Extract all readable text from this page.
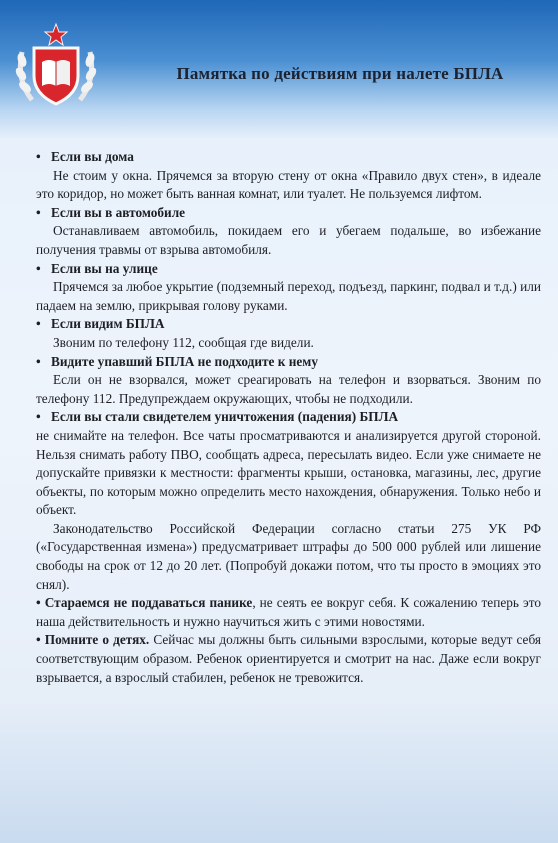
Памятка по действиям при налете БПЛА
• Если вы дома

Не стоим у окна. Прячемся за вторую стену от окна «Правило двух стен», в идеале это коридор, но может быть ванная комнат, или туалет. Не пользуемся лифтом.

• Если вы в автомобиле

Останавливаем автомобиль, покидаем его и убегаем подальше, во избежание получения травмы от взрыва автомобиля.

• Если вы на улице

Прячемся за любое укрытие (подземный переход, подъезд, паркинг, подвал и т.д.) или падаем на землю, прикрывая голову руками.

• Если видим БПЛА

Звоним по телефону 112, сообщая где видели.

• Видите упавший БПЛА не подходите к нему

Если он не взорвался, может среагировать на телефон и взорваться. Звоним по телефону 112. Предупреждаем окружающих, чтобы не подходили.

• Если вы стали свидетелем уничтожения (падения) БПЛА

не снимайте на телефон. Все чаты просматриваются и анализируется другой стороной. Нельзя снимать работу ПВО, сообщать адреса, пересылать видео. Если уже снимаете не допускайте привязки к местности: фрагменты крыши, остановка, магазины, лес, другие объекты, по которым можно определить место нахождения, обнаружения. Только небо и объект.

Законодательство Российской Федерации согласно статьи 275 УК РФ («Государственная измена») предусматривает штрафы до 500 000 рублей или лишение свободы на срок от 12 до 20 лет. (Попробуй докажи потом, что ты просто в эмоциях это снял).

• Стараемся не поддаваться панике, не сеять ее вокруг себя. К сожалению теперь это наша действительность и нужно научиться жить с этими новостями.

• Помните о детях. Сейчас мы должны быть сильными взрослыми, которые ведут себя соответствующим образом. Ребенок ориентируется и смотрит на нас. Даже если вокруг взрывается, а взрослый стабилен, ребенок не тревожится.
